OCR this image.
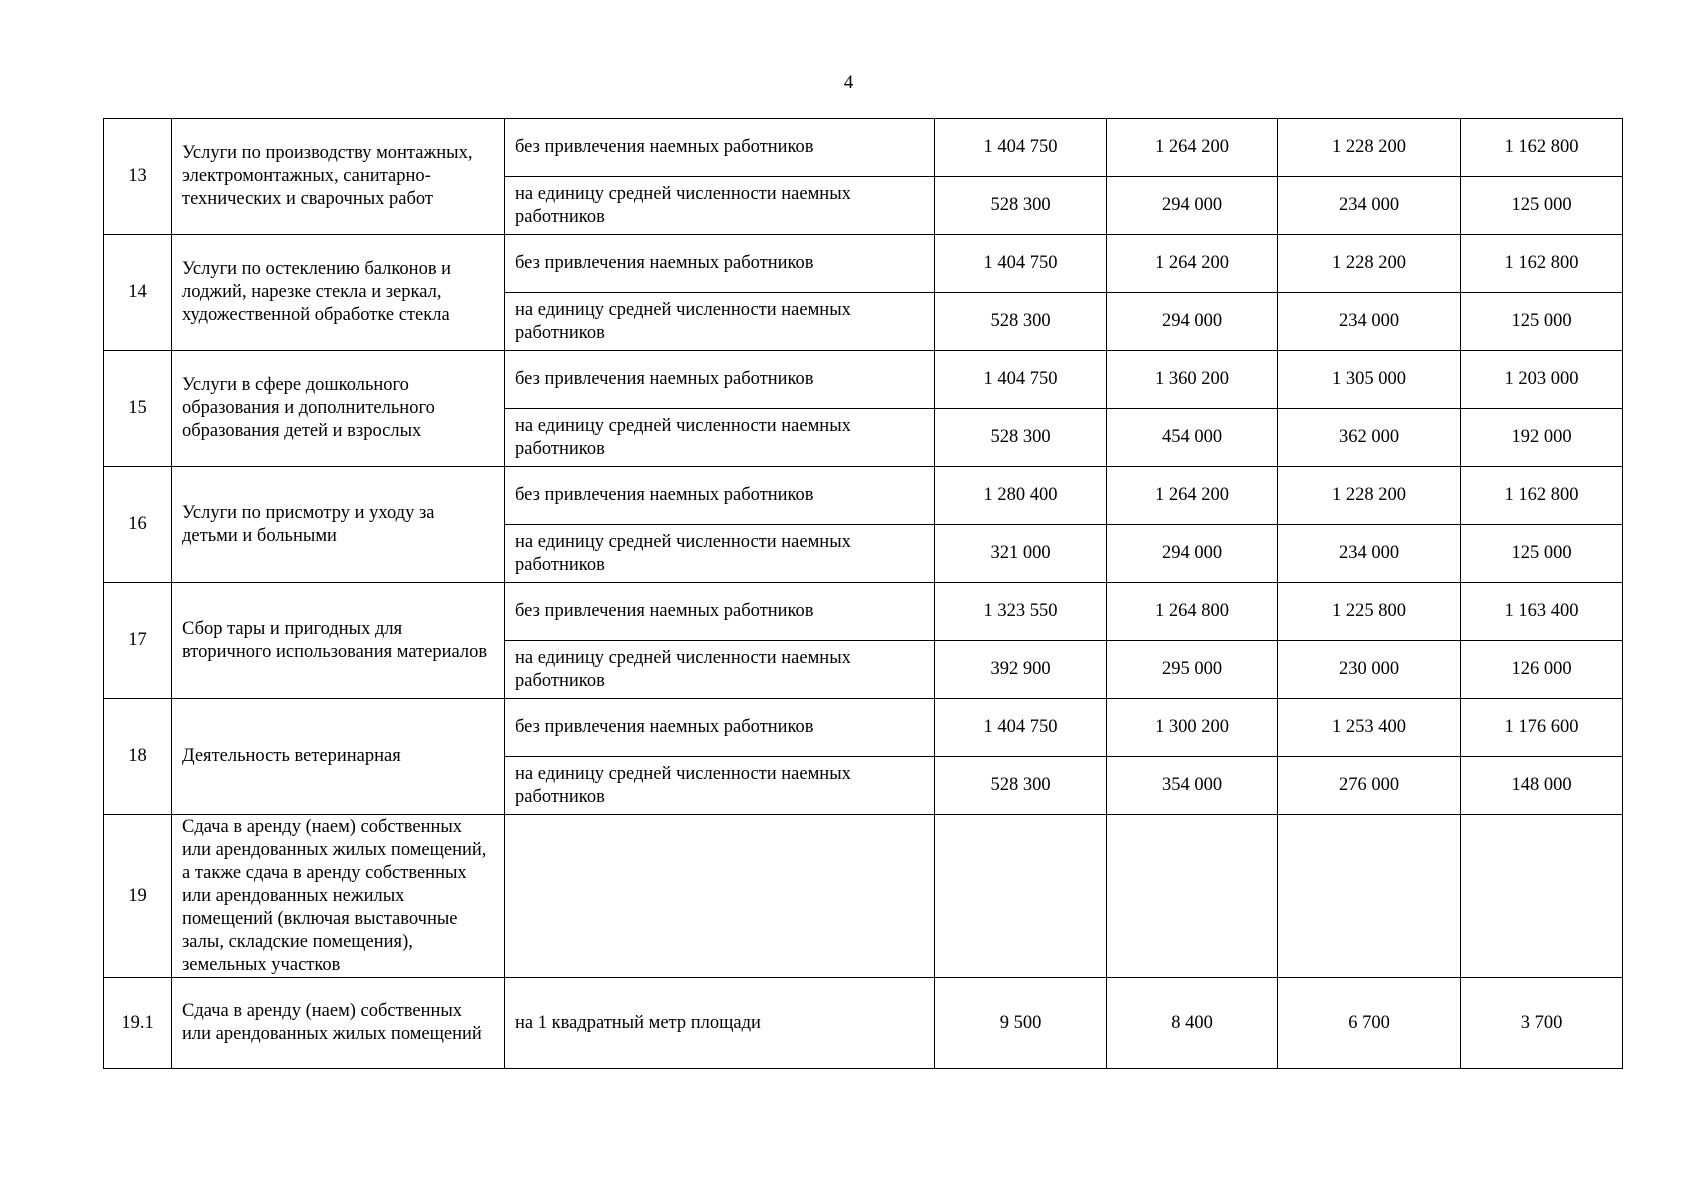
4
13	Услуги по производству монтажных, электромонтажных, санитарно-технических и сварочных работ	без привлечения наемных работников	1 404 750	1 264 200	1 228 200	1 162 800
		на единицу средней численности наемных работников	528 300	294 000	234 000	125 000
14	Услуги по остеклению балконов и лоджий, нарезке стекла и зеркал, художественной обработке стекла	без привлечения наемных работников	1 404 750	1 264 200	1 228 200	1 162 800
		на единицу средней численности наемных работников	528 300	294 000	234 000	125 000
15	Услуги в сфере дошкольного образования и дополнительного образования детей и взрослых	без привлечения наемных работников	1 404 750	1 360 200	1 305 000	1 203 000
		на единицу средней численности наемных работников	528 300	454 000	362 000	192 000
16	Услуги по присмотру и уходу за детьми и больными	без привлечения наемных работников	1 280 400	1 264 200	1 228 200	1 162 800
		на единицу средней численности наемных работников	321 000	294 000	234 000	125 000
17	Сбор тары и пригодных для вторичного использования материалов	без привлечения наемных работников	1 323 550	1 264 800	1 225 800	1 163 400
		на единицу средней численности наемных работников	392 900	295 000	230 000	126 000
18	Деятельность ветеринарная	без привлечения наемных работников	1 404 750	1 300 200	1 253 400	1 176 600
		на единицу средней численности наемных работников	528 300	354 000	276 000	148 000
19	Сдача в аренду (наем) собственных или арендованных жилых помещений, а также сдача в аренду собственных или арендованных нежилых помещений (включая выставочные залы, складские помещения), земельных участков					
19.1	Сдача в аренду (наем) собственных или арендованных жилых помещений	на 1 квадратный метр площади	9 500	8 400	6 700	3 700
